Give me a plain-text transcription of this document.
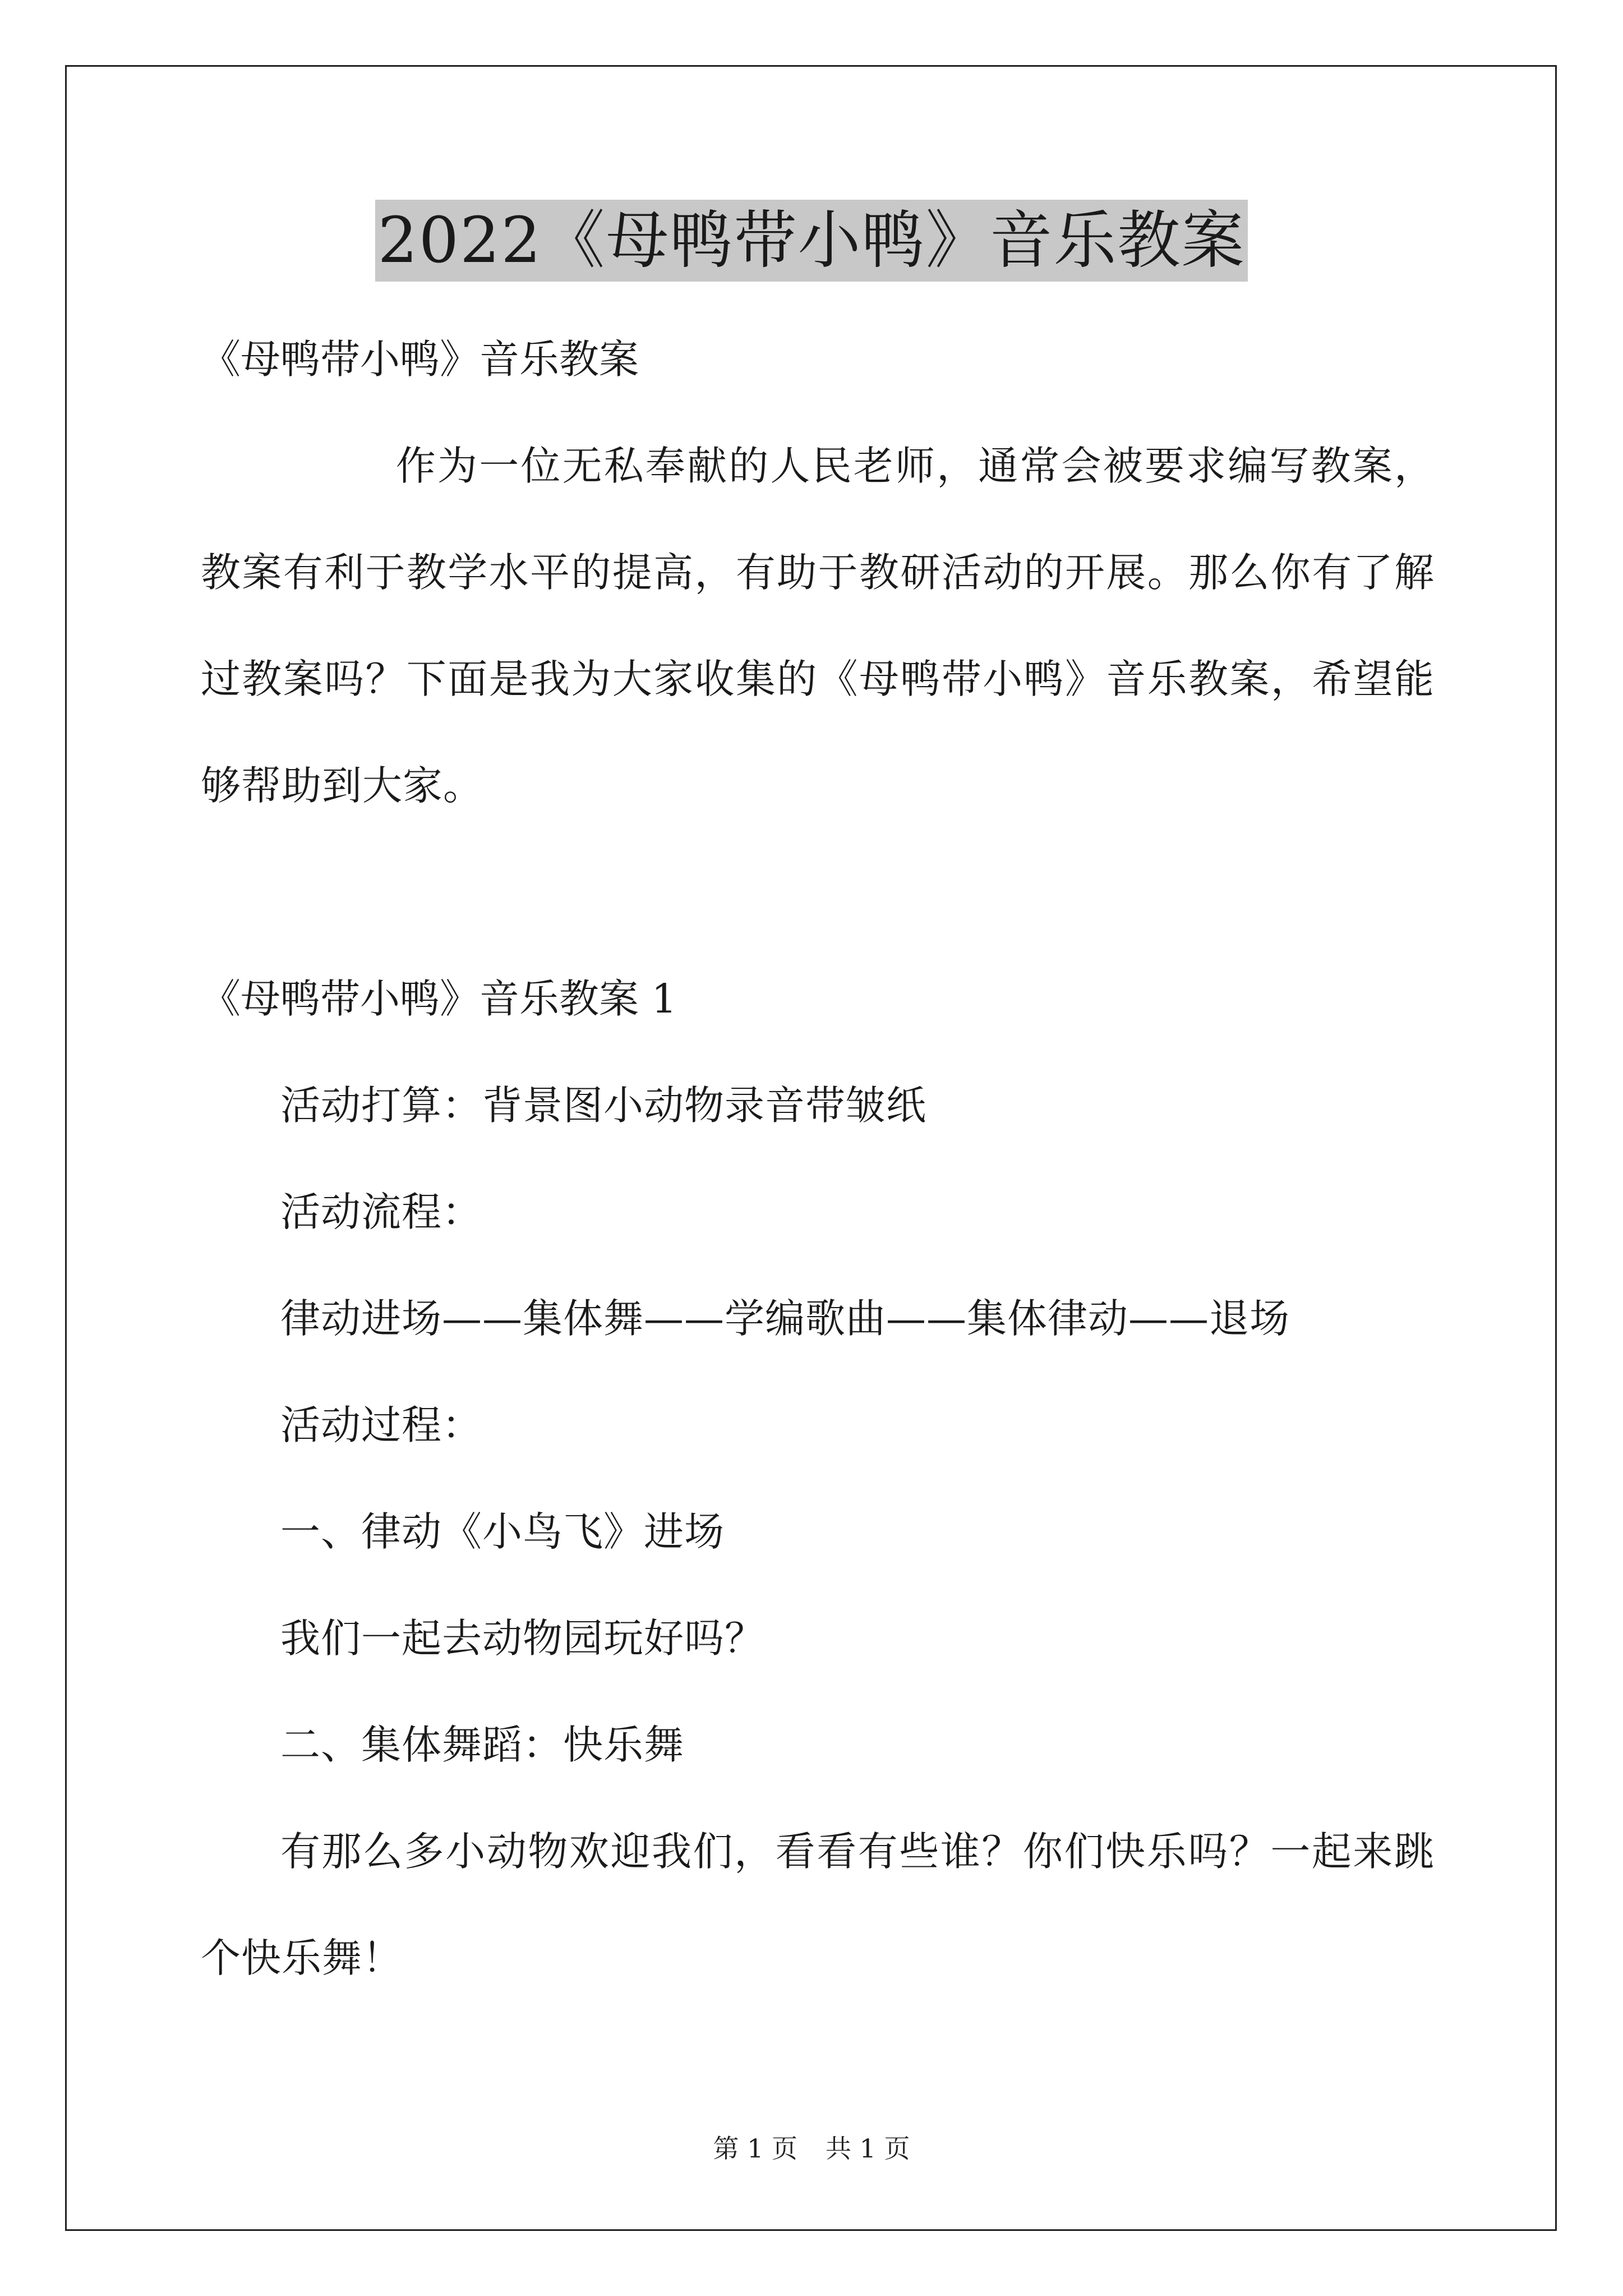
2022《母鸭带小鸭》音乐教案

《母鸭带小鸭》音乐教案

作为一位无私奉献的人民老师，通常会被要求编写教案，教案有利于教学水平的提高，有助于教研活动的开展。那么你有了解过教案吗？下面是我为大家收集的《母鸭带小鸭》音乐教案，希望能够帮助到大家。

《母鸭带小鸭》音乐教案 1

活动打算：背景图小动物录音带皱纸

活动流程：

律动进场——集体舞——学编歌曲——集体律动——退场

活动过程：

一、律动《小鸟飞》进场

我们一起去动物园玩好吗？

二、集体舞蹈：快乐舞

有那么多小动物欢迎我们，看看有些谁？你们快乐吗？一起来跳个快乐舞！

第 1 页 共 1 页
